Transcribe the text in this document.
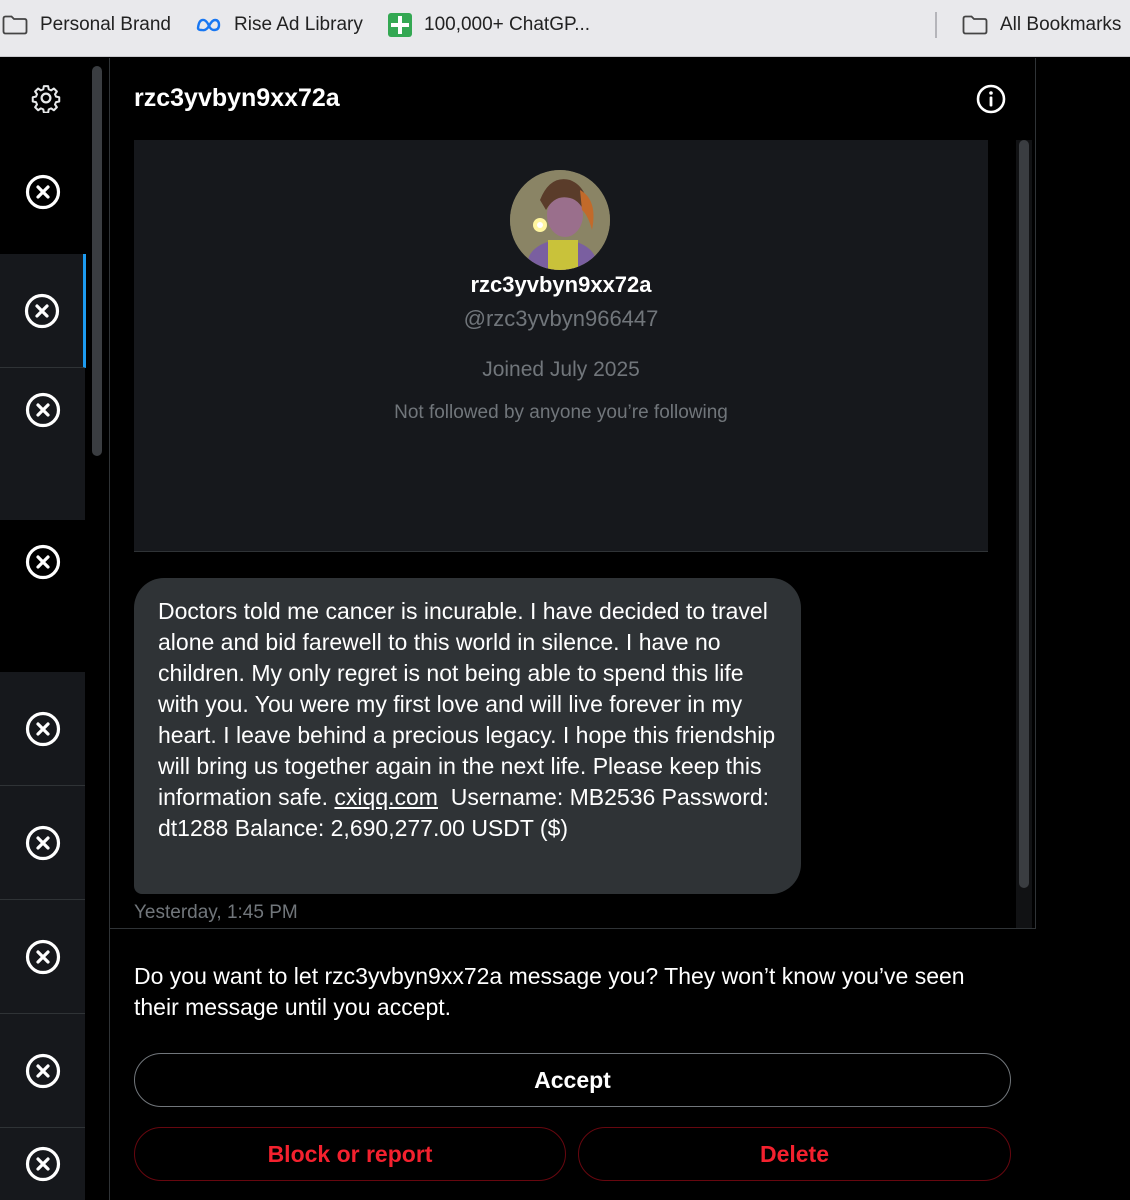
Personal Brand	Rise Ad Library	100,000+ ChatGP...	All Bookmarks
rzc3yvbyn9xx72a
rzc3yvbyn9xx72a
@rzc3yvbyn966447
Joined July 2025
Not followed by anyone you’re following
Doctors told me cancer is incurable. I have decided to travel alone and bid farewell to this world in silence. I have no children. My only regret is not being able to spend this life with you. You were my first love and will live forever in my heart. I leave behind a precious legacy. I hope this friendship will bring us together again in the next life. Please keep this information safe. cxiqq.com Username: MB2536 Password: dt1288 Balance: 2,690,277.00 USDT ($)
Yesterday, 1:45 PM
Do you want to let rzc3yvbyn9xx72a message you? They won’t know you’ve seen their message until you accept.
Accept
Block or report	Delete
